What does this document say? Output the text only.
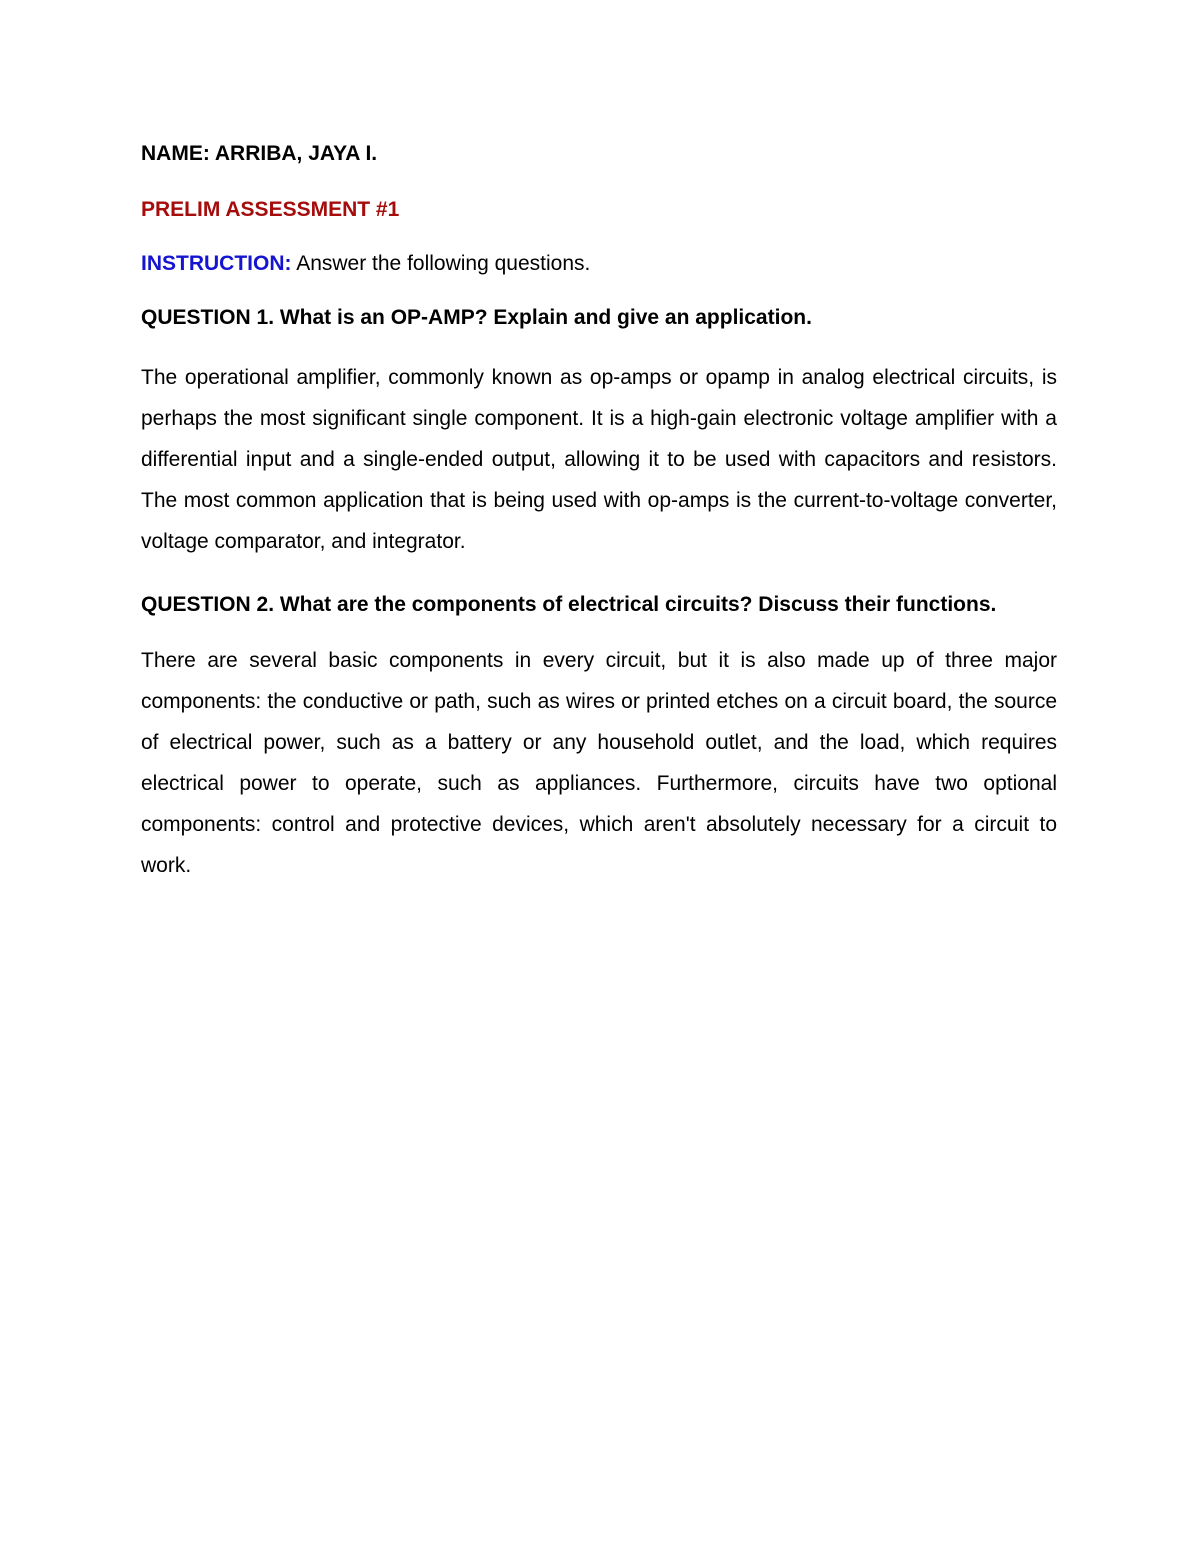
NAME: ARRIBA, JAYA I.

PRELIM ASSESSMENT #1

INSTRUCTION: Answer the following questions.

QUESTION 1. What is an OP-AMP? Explain and give an application.

The operational amplifier, commonly known as op-amps or opamp in analog electrical circuits, is perhaps the most significant single component. It is a high-gain electronic voltage amplifier with a differential input and a single-ended output, allowing it to be used with capacitors and resistors. The most common application that is being used with op-amps is the current-to-voltage converter, voltage comparator, and integrator.

QUESTION 2. What are the components of electrical circuits? Discuss their functions.

There are several basic components in every circuit, but it is also made up of three major components: the conductive or path, such as wires or printed etches on a circuit board, the source of electrical power, such as a battery or any household outlet, and the load, which requires electrical power to operate, such as appliances. Furthermore, circuits have two optional components: control and protective devices, which aren't absolutely necessary for a circuit to work.
